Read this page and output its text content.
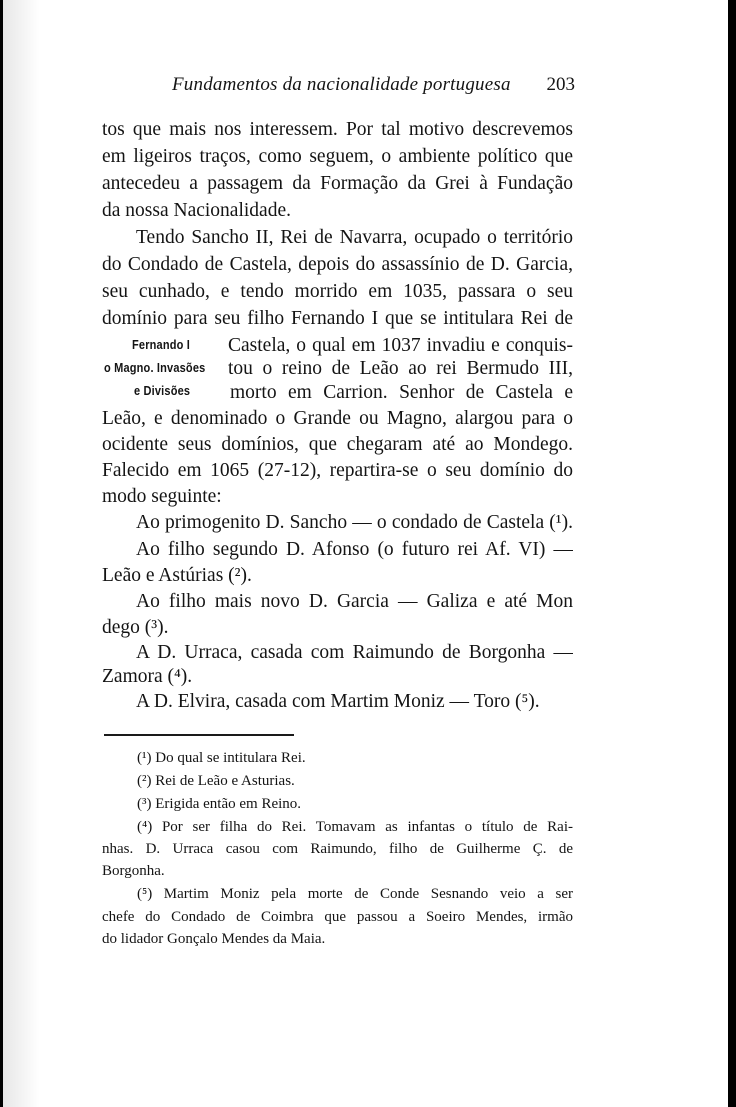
Fundamentos da nacionalidade portuguesa 203
tos que mais nos interessem. Por tal motivo descrevemos
em ligeiros traços, como seguem, o ambiente político que
antecedeu a passagem da Formação da Grei à Fundação
da nossa Nacionalidade.
Tendo Sancho II, Rei de Navarra, ocupado o território
do Condado de Castela, depois do assassínio de D. Garcia,
seu cunhado, e tendo morrido em 1035, passara o seu
domínio para seu filho Fernando I que se intitulara Rei de
Fernando I
o Magno. Invasões
e Divisões
Castela, o qual em 1037 invadiu e conquis-
tou o reino de Leão ao rei Bermudo III,
morto em Carrion. Senhor de Castela e
Leão, e denominado o Grande ou Magno, alargou para o
ocidente seus domínios, que chegaram até ao Mondego.
Falecido em 1065 (27-12), repartira-se o seu domínio do
modo seguinte:
Ao primogenito D. Sancho — o condado de Castela (¹).
Ao filho segundo D. Afonso (o futuro rei Af. VI) —
Leão e Astúrias (²).
Ao filho mais novo D. Garcia — Galiza e até Mon
dego (³).
A D. Urraca, casada com Raimundo de Borgonha —
Zamora (⁴).
A D. Elvira, casada com Martim Moniz — Toro (⁵).
(¹) Do qual se intitulara Rei.
(²) Rei de Leão e Asturias.
(³) Erigida então em Reino.
(⁴) Por ser filha do Rei. Tomavam as infantas o título de Rai-
nhas. D. Urraca casou com Raimundo, filho de Guilherme Ç. de
Borgonha.
(⁵) Martim Moniz pela morte de Conde Sesnando veio a ser
chefe do Condado de Coimbra que passou a Soeiro Mendes, irmão
do lidador Gonçalo Mendes da Maia.
